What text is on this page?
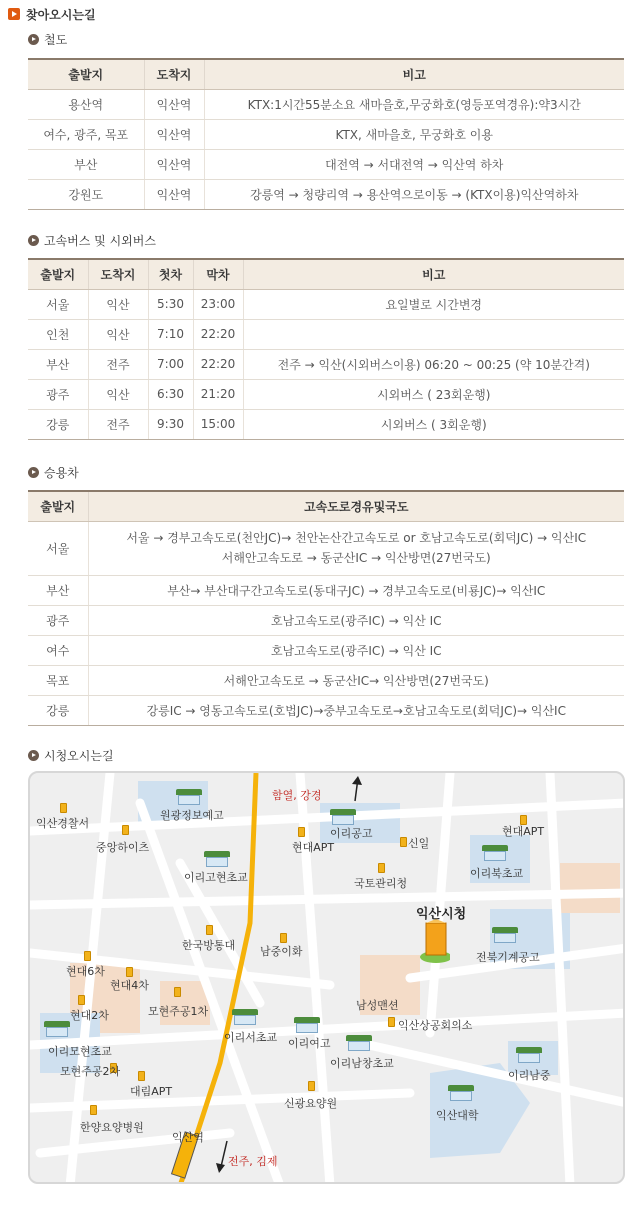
찾아오시는길
철도
출발지	도착지	비고
용산역	익산역	KTX:1시간55분소요 새마을호,무궁화호(영등포역경유):약3시간
여수, 광주, 목포	익산역	KTX, 새마을호, 무궁화호 이용
부산	익산역	대전역 → 서대전역 → 익산역 하차
강원도	익산역	강릉역 → 청량리역 → 용산역으로이동 → (KTX이용)익산역하차
고속버스 및 시외버스
출발지	도착지	첫차	막차	비고
서울	익산	5:30	23:00	요일별로 시간변경
인천	익산	7:10	22:20	
부산	전주	7:00	22:20	전주 → 익산(시외버스이용) 06:20 ~ 00:25 (약 10분간격)
광주	익산	6:30	21:20	시외버스 ( 23회운행)
강릉	전주	9:30	15:00	시외버스 ( 3회운행)
승용차
출발지	고속도로경유및국도
서울	서울 → 경부고속도로(천안JC)→ 천안논산간고속도로 or 호남고속도로(회덕JC) → 익산IC
서해안고속도로 → 동군산IC → 익산방면(27번국도)
부산	부산→ 부산대구간고속도로(동대구JC) → 경부고속도로(비룡JC)→ 익산IC
광주	호남고속도로(광주IC) → 익산 IC
여수	호남고속도로(광주IC) → 익산 IC
목포	서해안고속도로 → 동군산IC→ 익산방면(27번국도)
강릉	강릉IC → 영동고속도로(호법JC)→중부고속도로→호남고속도로(회덕JC)→ 익산IC
시청오시는길
함열, 강경
전주, 김제
익산시청
익산경찰서
원광정보예고
이리공고	현대APT
현대APT	신일
중앙하이츠
이리고현초교	국토관리청
이리북초교
한국방통대 남중이화	전북기계공고
현대6차
현대4차
현대2차	모현주공1차	남성맨션
익산상공회의소
이리모현초교
모현주공2차
이리서초교 이리여고
이리남창초교
이리남중
대림APT
신광요양원
익산대학
한양요양병원
익산역
